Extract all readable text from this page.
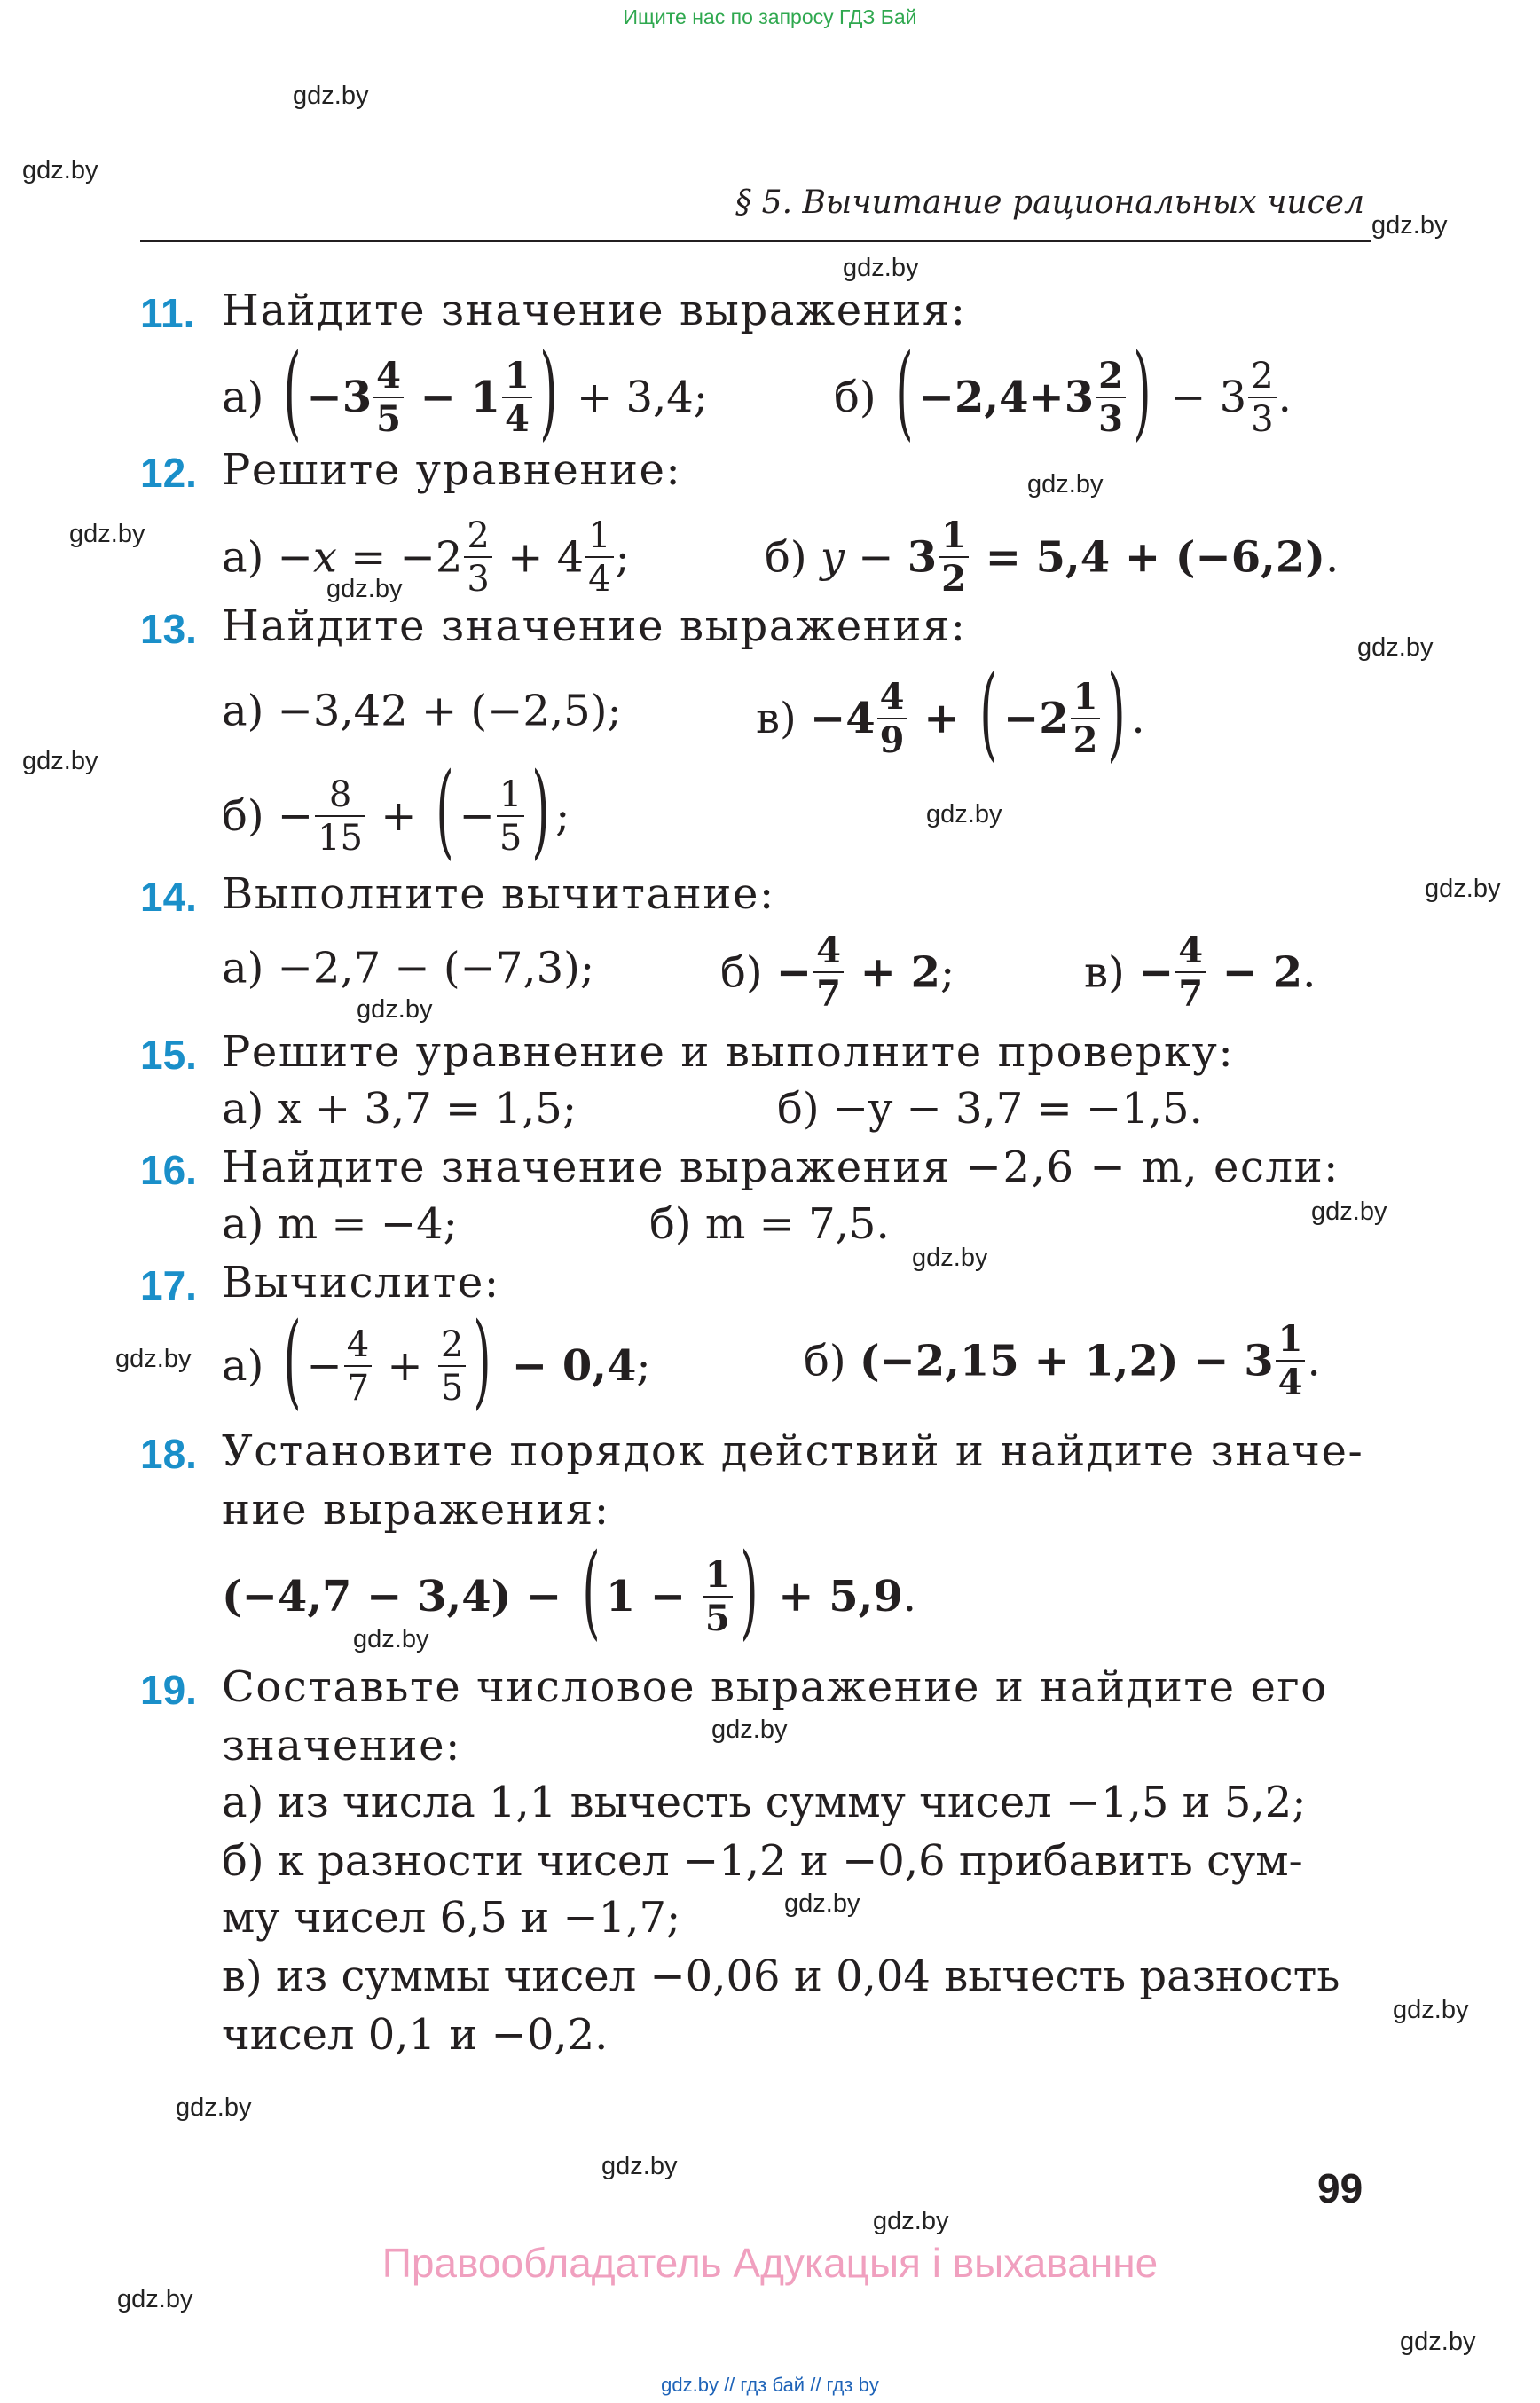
Ищите нас по запросу ГДЗ Бай
§ 5. Вычитание рациональных чисел
11. Найдите значение выражения:
а) ( $-3 \frac{4}{5} - 1 \frac{1}{4}$ ) + 3,4;	б) ( $-2,4+3 \frac{2}{3}$ ) − $3 \frac{2}{3}$ .
12. Решите уравнение:
$а) -x = -2 \frac{2}{3} + 4 \frac{1}{4}$ ;	б) $y - 3 \frac{1}{2} = 5,4 + (-6,2)$.
13. Найдите значение выражения:
а) −3,42 + (−2,5);	$в) -4 \frac{4}{9}$ + ( $-2 \frac{1}{2}$ ) .
$б) - \frac{8}{15}$ + ( − $\frac{1}{5}$ ) ;
14. Выполните вычитание:
а) −2,7 − (−7,3);	$б) - \frac{4}{7} + 2$;	$в) - \frac{4}{7} - 2$.
15. Решите уравнение и выполните проверку:
а) x + 3,7 = 1,5;	б) −y − 3,7 = −1,5.
16. Найдите значение выражения −2,6 − m, если:
а) m = −4;	б) m = 7,5.
17. Вычислите:
а) ( − $\frac{4}{7} + \frac{2}{5}$ ) − 0,4;	б) $(-2,15 + 1,2) - 3 \frac{1}{4}$ .
18. Установите порядок действий и найдите значе-
ние выражения:
(−4,7 − 3,4) − ( $1 - \frac{1}{5}$ ) + 5,9.
19. Составьте числовое выражение и найдите его
значение:
а) из числа 1,1 вычесть сумму чисел −1,5 и 5,2;
б) к разности чисел −1,2 и −0,6 прибавить сум-
му чисел 6,5 и −1,7;
в) из суммы чисел −0,06 и 0,04 вычесть разность
чисел 0,1 и −0,2.
gdz.by
gdz.by
gdz.by
gdz.by
gdz.by
gdz.by
gdz.by
gdz.by
gdz.by
gdz.by
gdz.by
gdz.by
gdz.by
gdz.by
gdz.by
gdz.by
gdz.by
gdz.by
gdz.by
gdz.by
gdz.by
gdz.by
gdz.by
gdz.by
99
Правообладатель Адукацыя і выхаванне
gdz.by // гдз бай // гдз by
